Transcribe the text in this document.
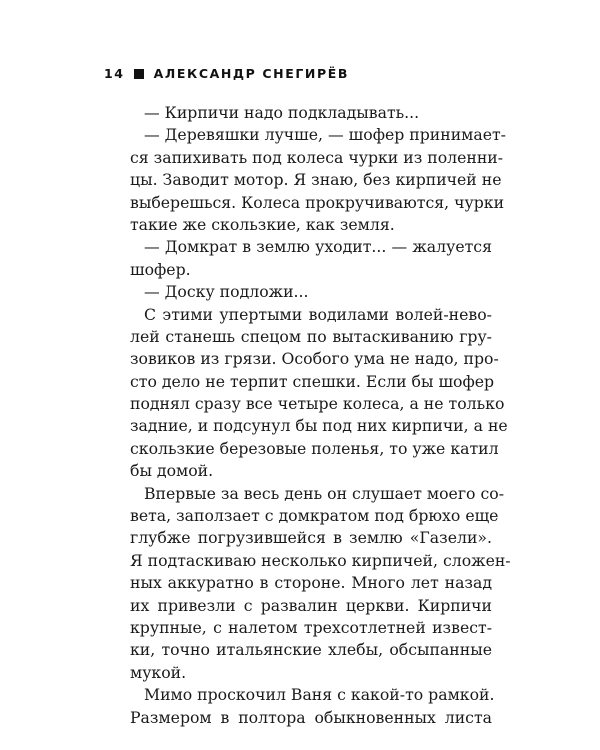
14 АЛЕКСАНДР СНЕГИРЁВ
— Кирпичи надо подкладывать...
— Деревяшки лучше, — шофер принимает-
ся запихивать под колеса чурки из поленни-
цы. Заводит мотор. Я знаю, без кирпичей не
выберешься. Колеса прокручиваются, чурки
такие же скользкие, как земля.
— Домкрат в землю уходит... — жалуется
шофер.
— Доску подложи...
С этими упертыми водилами волей-нево-
лей станешь спецом по вытаскиванию гру-
зовиков из грязи. Особого ума не надо, про-
сто дело не терпит спешки. Если бы шофер
поднял сразу все четыре колеса, а не только
задние, и подсунул бы под них кирпичи, а не
скользкие березовые поленья, то уже катил
бы домой.
Впервые за весь день он слушает моего со-
вета, заползает с домкратом под брюхо еще
глубже погрузившейся в землю «Газели».
Я подтаскиваю несколько кирпичей, сложен-
ных аккуратно в стороне. Много лет назад
их привезли с развалин церкви. Кирпичи
крупные, с налетом трехсотлетней извест-
ки, точно итальянские хлебы, обсыпанные
мукой.
Мимо проскочил Ваня с какой-то рамкой.
Размером в полтора обыкновенных листа
